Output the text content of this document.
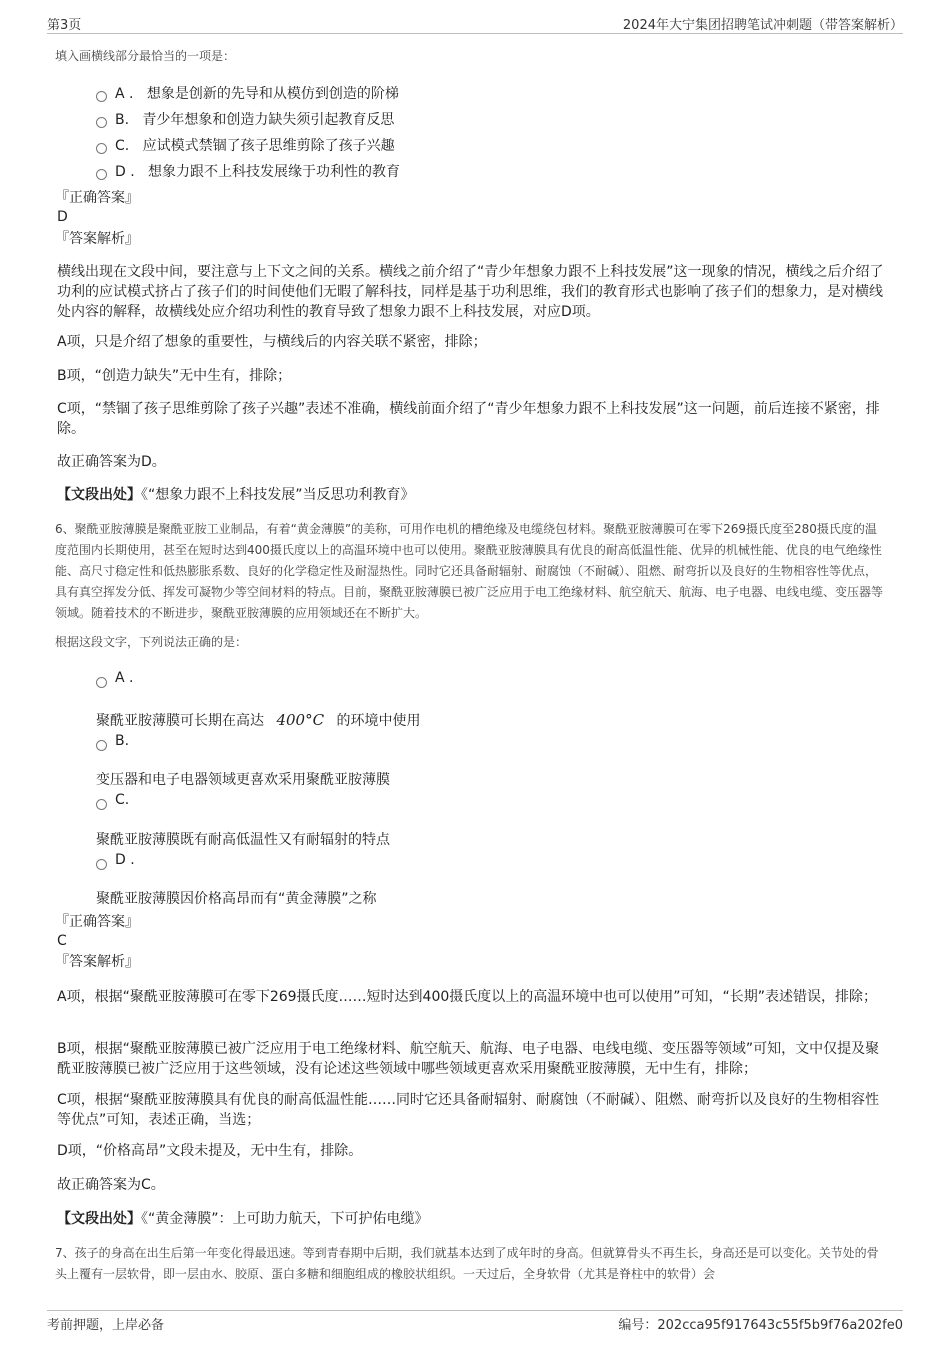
第3页	2024年大宁集团招聘笔试冲刺题（带答案解析）
填入画横线部分最恰当的一项是：
A . 想象是创新的先导和从模仿到创造的阶梯
B. 青少年想象和创造力缺失须引起教育反思
C. 应试模式禁锢了孩子思维剪除了孩子兴趣
D . 想象力跟不上科技发展缘于功利性的教育
『正确答案』
D
『答案解析』
横线出现在文段中间，要注意与上下文之间的关系。横线之前介绍了“青少年想象力跟不上科技发展”这一现象的情况，横线之后介绍了功利的应试模式挤占了孩子们的时间使他们无暇了解科技，同样是基于功利思维，我们的教育形式也影响了孩子们的想象力，是对横线处内容的解释，故横线处应介绍功利性的教育导致了想象力跟不上科技发展，对应D项。
A项，只是介绍了想象的重要性，与横线后的内容关联不紧密，排除；
B项，“创造力缺失”无中生有，排除；
C项，“禁锢了孩子思维剪除了孩子兴趣”表述不准确，横线前面介绍了“青少年想象力跟不上科技发展”这一问题，前后连接不紧密，排除。
故正确答案为D。
【文段出处】《“想象力跟不上科技发展”当反思功利教育》
6、聚酰亚胺薄膜是聚酰亚胺工业制品，有着“黄金薄膜”的美称，可用作电机的槽绝缘及电缆绕包材料。聚酰亚胺薄膜可在零下269摄氏度至280摄氏度的温度范围内长期使用，甚至在短时达到400摄氏度以上的高温环境中也可以使用。聚酰亚胺薄膜具有优良的耐高低温性能、优异的机械性能、优良的电气绝缘性能、高尺寸稳定性和低热膨胀系数、良好的化学稳定性及耐湿热性。同时它还具备耐辐射、耐腐蚀（不耐碱）、阻燃、耐弯折以及良好的生物相容性等优点，具有真空挥发分低、挥发可凝物少等空间材料的特点。目前，聚酰亚胺薄膜已被广泛应用于电工绝缘材料、航空航天、航海、电子电器、电线电缆、变压器等领域。随着技术的不断进步，聚酰亚胺薄膜的应用领域还在不断扩大。
根据这段文字，下列说法正确的是：
A .
聚酰亚胺薄膜可长期在高达 400°C 的环境中使用
B.
变压器和电子电器领域更喜欢采用聚酰亚胺薄膜
C.
聚酰亚胺薄膜既有耐高低温性又有耐辐射的特点
D .
聚酰亚胺薄膜因价格高昂而有“黄金薄膜”之称
『正确答案』
C
『答案解析』
A项，根据“聚酰亚胺薄膜可在零下269摄氏度……短时达到400摄氏度以上的高温环境中也可以使用”可知，“长期”表述错误，排除；
B项，根据“聚酰亚胺薄膜已被广泛应用于电工绝缘材料、航空航天、航海、电子电器、电线电缆、变压器等领域”可知，文中仅提及聚酰亚胺薄膜已被广泛应用于这些领域，没有论述这些领域中哪些领域更喜欢采用聚酰亚胺薄膜，无中生有，排除；
C项，根据“聚酰亚胺薄膜具有优良的耐高低温性能……同时它还具备耐辐射、耐腐蚀（不耐碱）、阻燃、耐弯折以及良好的生物相容性等优点”可知，表述正确，当选；
D项，“价格高昂”文段未提及，无中生有，排除。
故正确答案为C。
【文段出处】《“黄金薄膜”：上可助力航天，下可护佑电缆》
7、孩子的身高在出生后第一年变化得最迅速。等到青春期中后期，我们就基本达到了成年时的身高。但就算骨头不再生长，身高还是可以变化。关节处的骨头上覆有一层软骨，即一层由水、胶原、蛋白多糖和细胞组成的橡胶状组织。一天过后，全身软骨（尤其是脊柱中的软骨）会
考前押题，上岸必备	编号：202cca95f917643c55f5b9f76a202fe0
